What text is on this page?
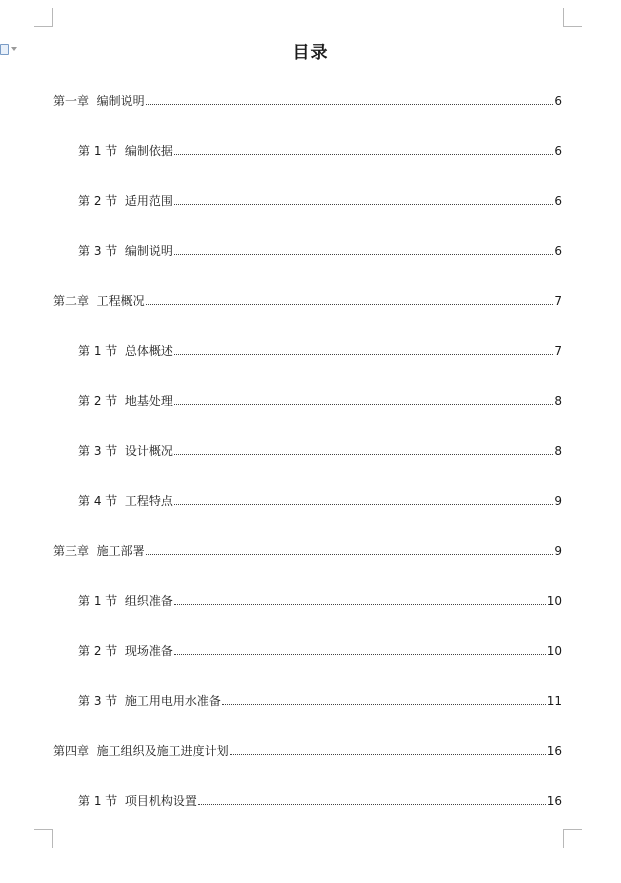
目录
第一章  编制说明	6
第 1 节  编制依据	6
第 2 节  适用范围	6
第 3 节  编制说明	6
第二章  工程概况	7
第 1 节  总体概述	7
第 2 节  地基处理	8
第 3 节  设计概况	8
第 4 节  工程特点	9
第三章  施工部署	9
第 1 节  组织准备	10
第 2 节  现场准备	10
第 3 节  施工用电用水准备	11
第四章  施工组织及施工进度计划	16
第 1 节  项目机构设置	16
